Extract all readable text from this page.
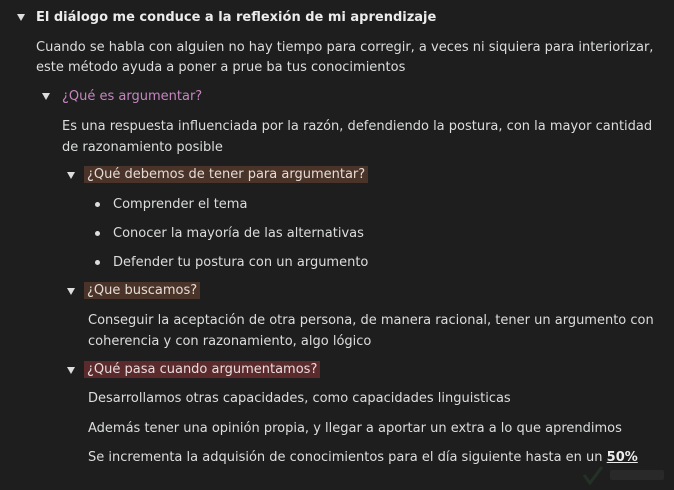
El diálogo me conduce a la reflexión de mi aprendizaje
Cuando se habla con alguien no hay tiempo para corregir, a veces ni siquiera para interiorizar,
este método ayuda a poner a prue ba tus conocimientos
¿Qué es argumentar?
Es una respuesta influenciada por la razón, defendiendo la postura, con la mayor cantidad
de razonamiento posible
¿Qué debemos de tener para argumentar?
Comprender el tema
Conocer la mayoría de las alternativas
Defender tu postura con un argumento
¿Que buscamos?
Conseguir la aceptación de otra persona, de manera racional, tener un argumento con
coherencia y con razonamiento, algo lógico
¿Qué pasa cuando argumentamos?
Desarrollamos otras capacidades, como capacidades linguisticas
Además tener una opinión propia, y llegar a aportar un extra a lo que aprendimos
Se incrementa la adquisión de conocimientos para el día siguiente hasta en un 50%
